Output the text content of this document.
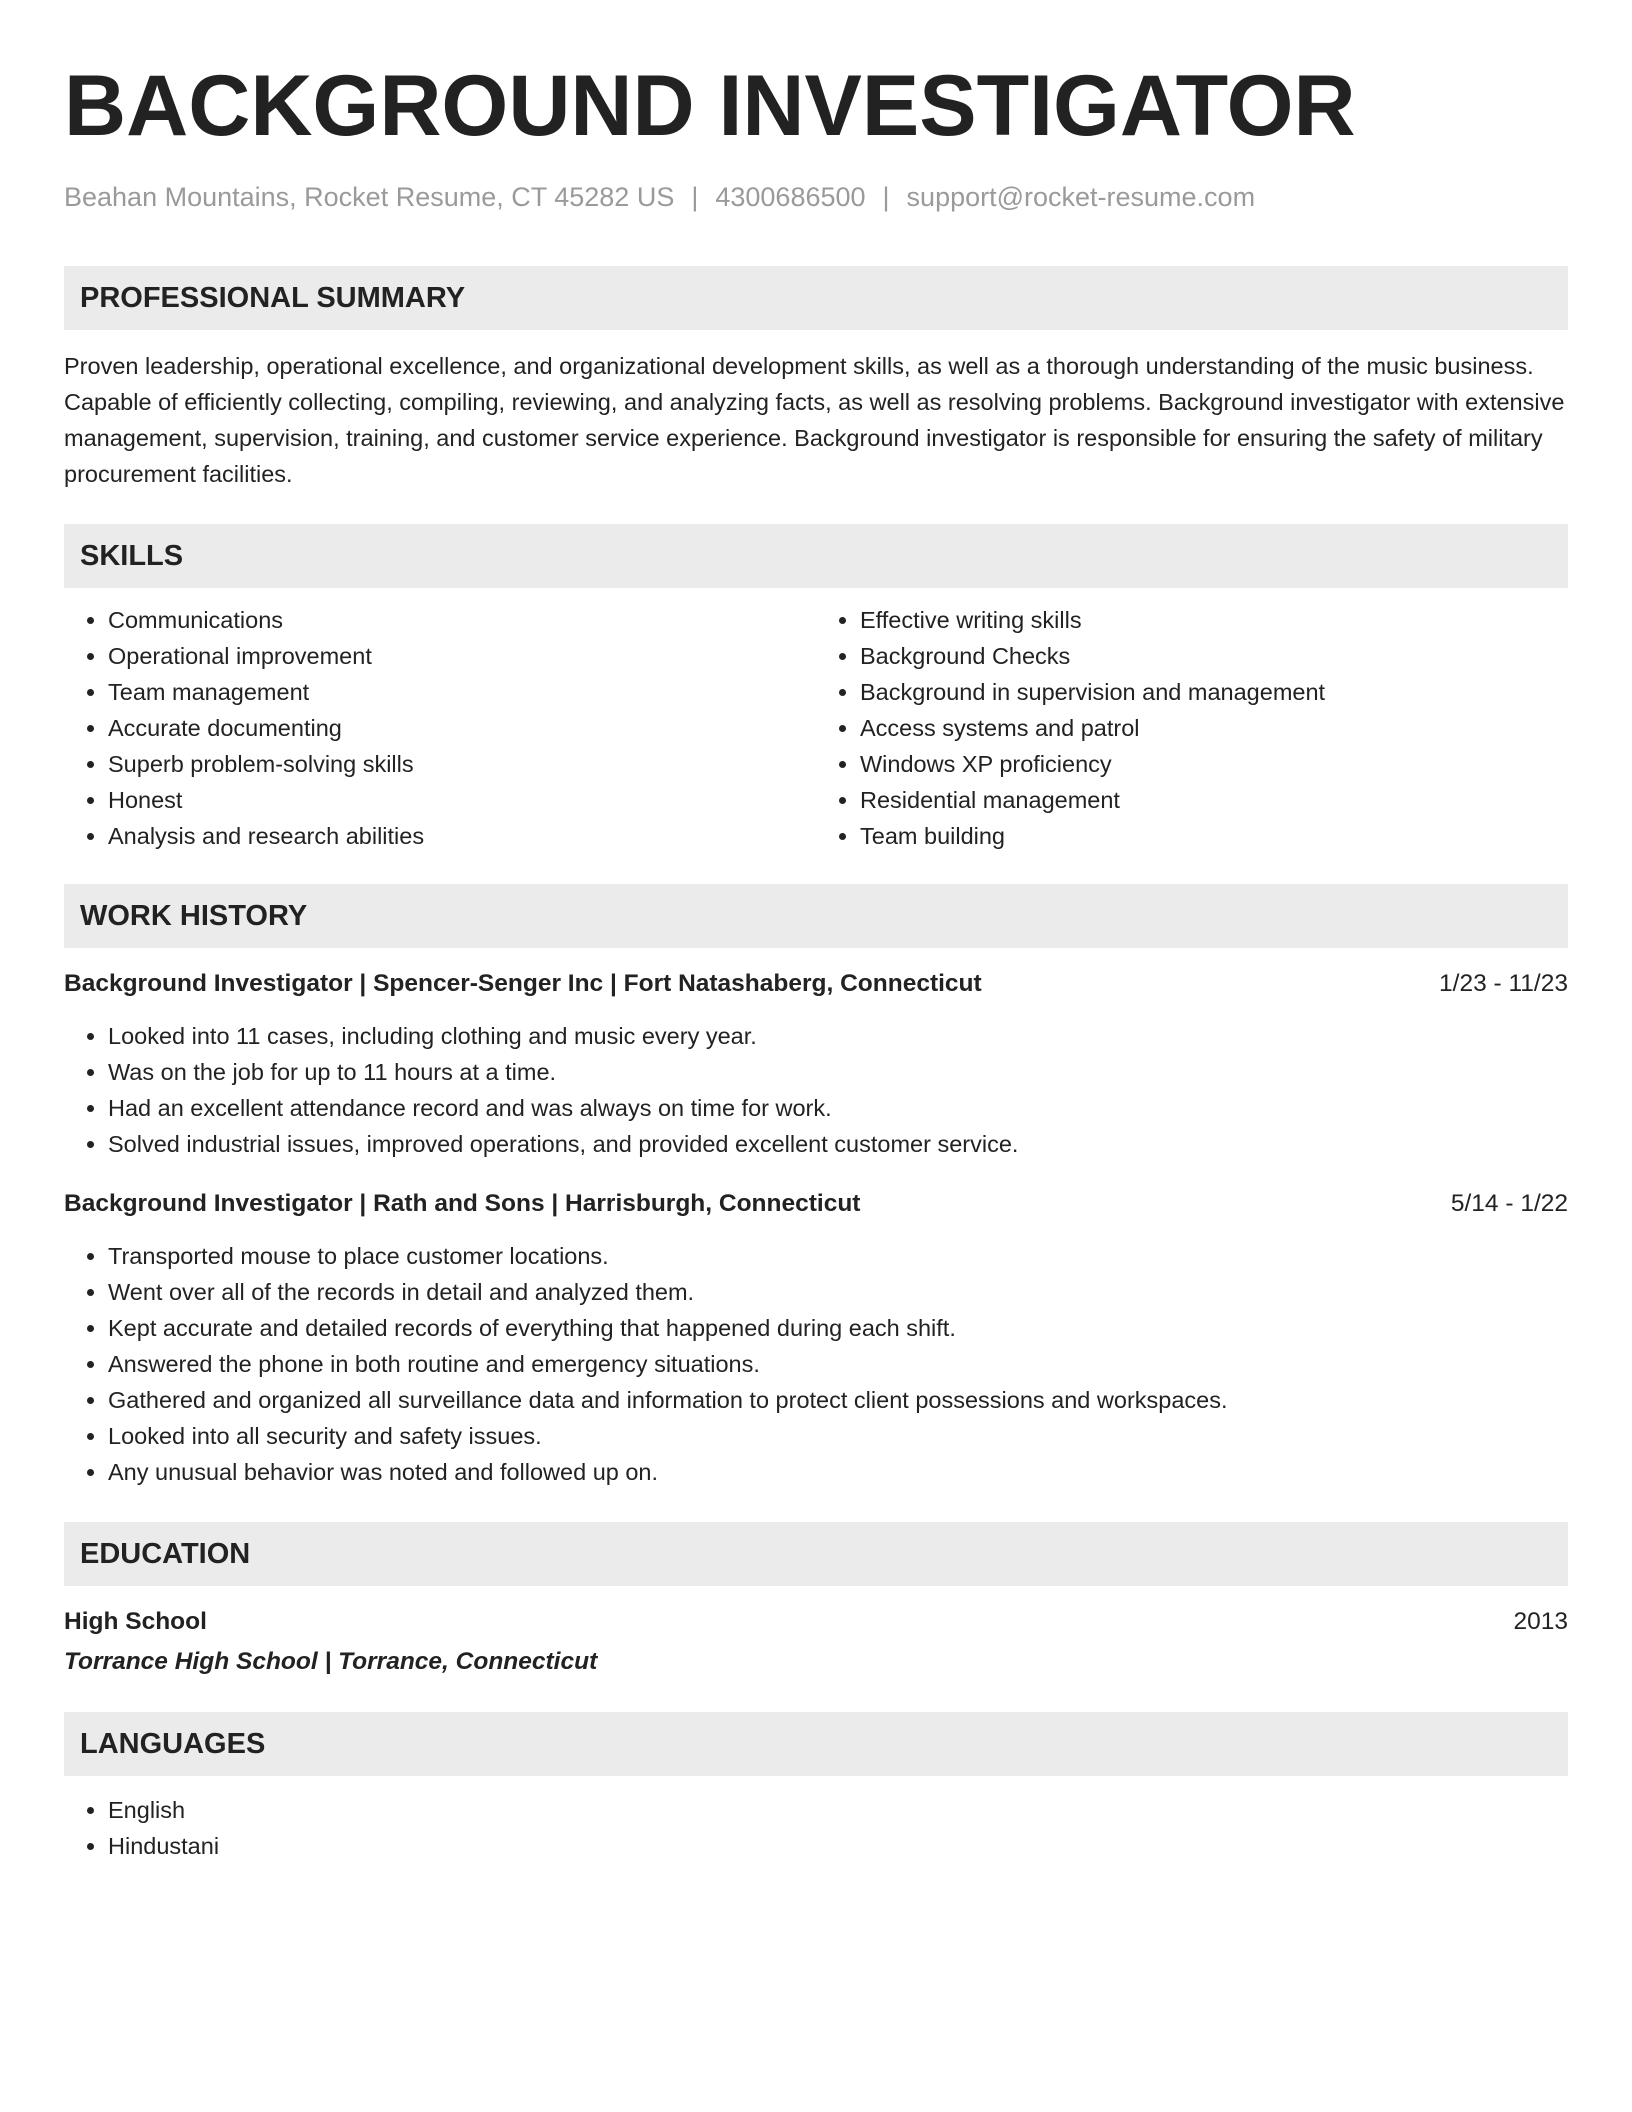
BACKGROUND INVESTIGATOR
Beahan Mountains, Rocket Resume, CT 45282 US | 4300686500 | support@rocket-resume.com
PROFESSIONAL SUMMARY

Proven leadership, operational excellence, and organizational development skills, as well as a thorough understanding of the music business. Capable of efficiently collecting, compiling, reviewing, and analyzing facts, as well as resolving problems. Background investigator with extensive management, supervision, training, and customer service experience. Background investigator is responsible for ensuring the safety of military procurement facilities.

SKILLS
• Communications
• Operational improvement
• Team management
• Accurate documenting
• Superb problem-solving skills
• Honest
• Analysis and research abilities
• Effective writing skills
• Background Checks
• Background in supervision and management
• Access systems and patrol
• Windows XP proficiency
• Residential management
• Team building
WORK HISTORY
Background Investigator | Spencer-Senger Inc | Fort Natashaberg, Connecticut	1/23 - 11/23
• Looked into 11 cases, including clothing and music every year.
• Was on the job for up to 11 hours at a time.
• Had an excellent attendance record and was always on time for work.
• Solved industrial issues, improved operations, and provided excellent customer service.
Background Investigator | Rath and Sons | Harrisburgh, Connecticut	5/14 - 1/22
• Transported mouse to place customer locations.
• Went over all of the records in detail and analyzed them.
• Kept accurate and detailed records of everything that happened during each shift.
• Answered the phone in both routine and emergency situations.
• Gathered and organized all surveillance data and information to protect client possessions and workspaces.
• Looked into all security and safety issues.
• Any unusual behavior was noted and followed up on.
EDUCATION
High School	2013
Torrance High School | Torrance, Connecticut
LANGUAGES
• English
• Hindustani
